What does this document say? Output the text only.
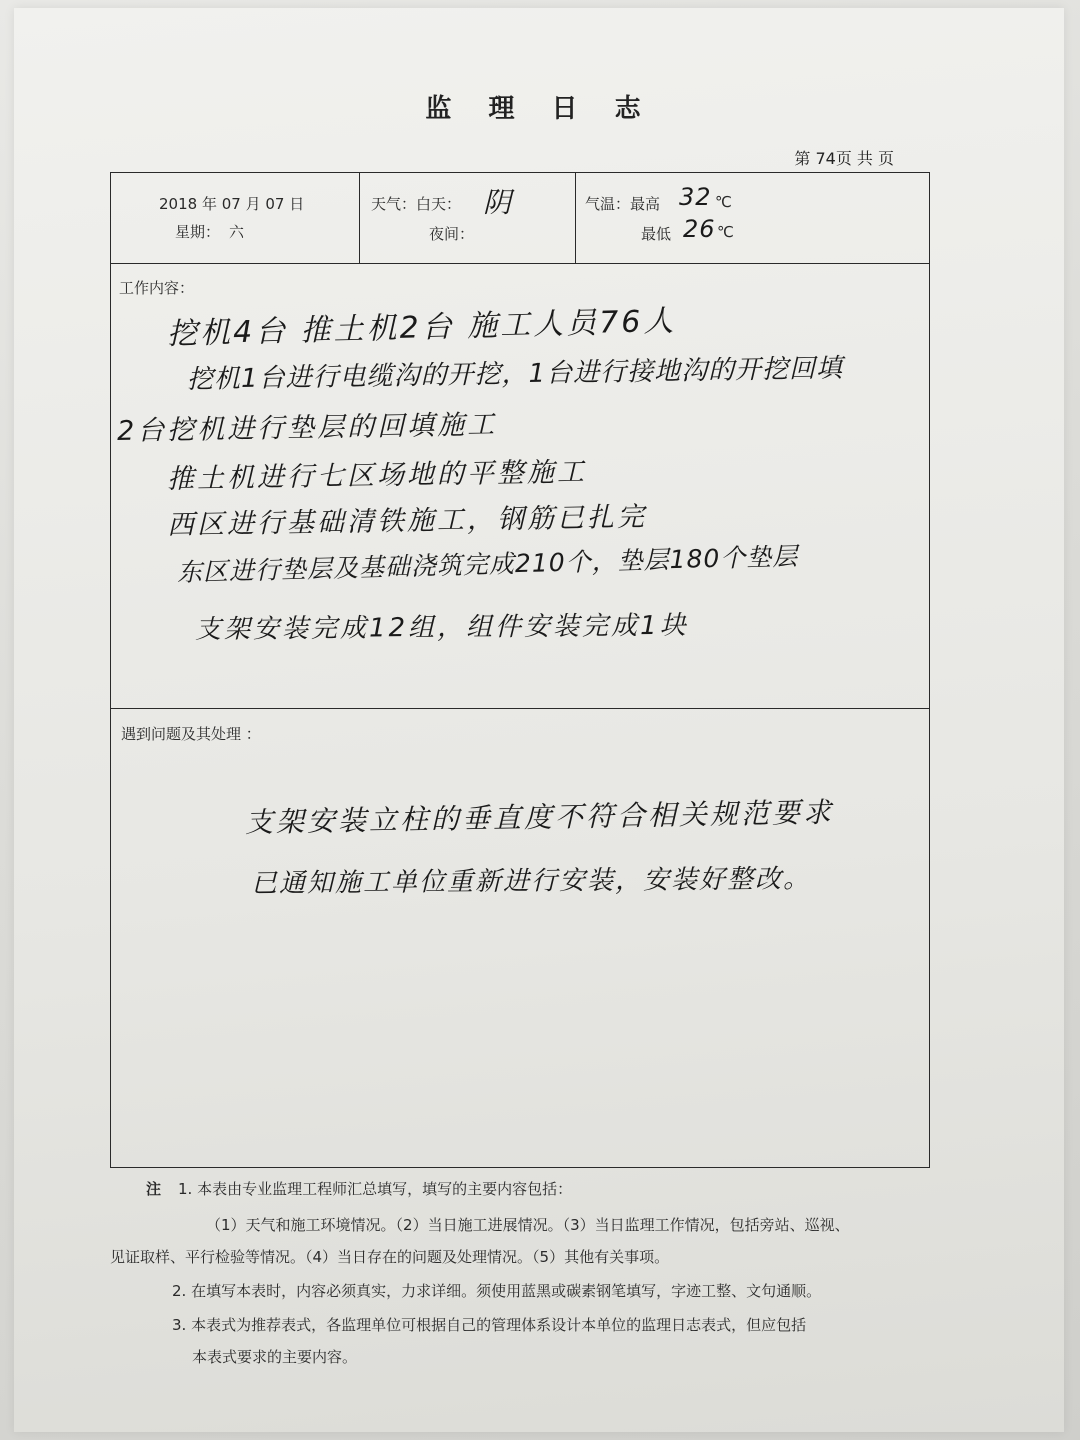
监 理 日 志
第 74页 共 页
2018 年 07 月 07 日
星期： 六
天气：白天： 阴
夜间：
气温：最高 32 ℃
最低 26 ℃
工作内容：
挖机4台 推土机2台 施工人员76人
挖机1台进行电缆沟的开挖，1台进行接地沟的开挖回填
2台挖机进行垫层的回填施工
推土机进行七区场地的平整施工
西区进行基础清铁施工，钢筋已扎完
东区进行垫层及基础浇筑完成210个，垫层180个垫层
支架安装完成12组，组件安装完成1块
遇到问题及其处理 ：
支架安装立柱的垂直度不符合相关规范要求
已通知施工单位重新进行安装，安装好整改。
注 1. 本表由专业监理工程师汇总填写，填写的主要内容包括：
（1）天气和施工环境情况。（2）当日施工进展情况。（3）当日监理工作情况，包括旁站、巡视、
见证取样、平行检验等情况。（4）当日存在的问题及处理情况。（5）其他有关事项。
2. 在填写本表时，内容必须真实，力求详细。须使用蓝黑或碳素钢笔填写，字迹工整、文句通顺。
3. 本表式为推荐表式，各监理单位可根据自己的管理体系设计本单位的监理日志表式，但应包括
本表式要求的主要内容。
